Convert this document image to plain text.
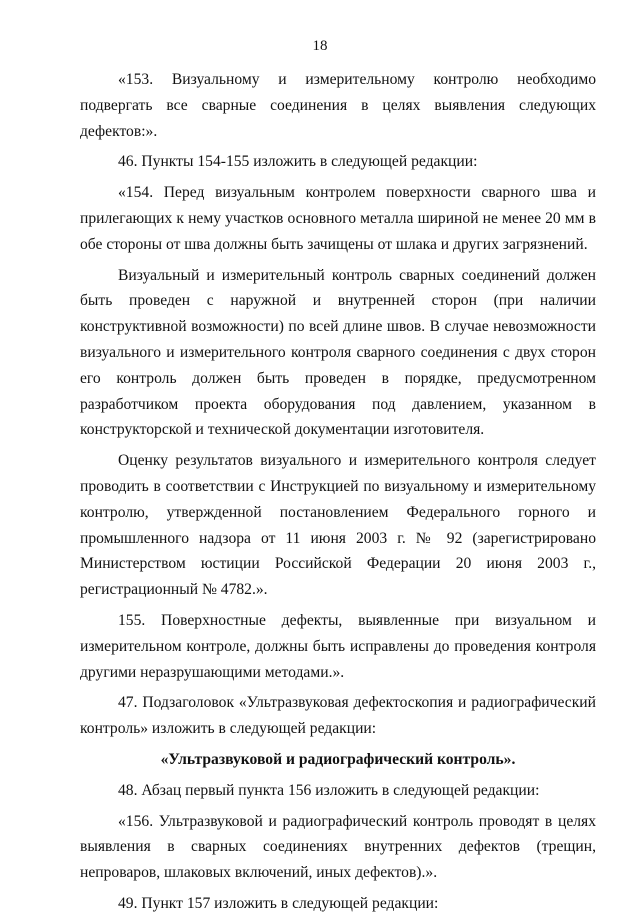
18

«153. Визуальному и измерительному контролю необходимо подвергать все сварные соединения в целях выявления следующих дефектов:».

46. Пункты 154-155 изложить в следующей редакции:

«154. Перед визуальным контролем поверхности сварного шва и прилегающих к нему участков основного металла шириной не менее 20 мм в обе стороны от шва должны быть зачищены от шлака и других загрязнений.

Визуальный и измерительный контроль сварных соединений должен быть проведен с наружной и внутренней сторон (при наличии конструктивной возможности) по всей длине швов. В случае невозможности визуального и измерительного контроля сварного соединения с двух сторон его контроль должен быть проведен в порядке, предусмотренном разработчиком проекта оборудования под давлением, указанном в конструкторской и технической документации изготовителя.

Оценку результатов визуального и измерительного контроля следует проводить в соответствии с Инструкцией по визуальному и измерительному контролю, утвержденной постановлением Федерального горного и промышленного надзора от 11 июня 2003 г. № 92 (зарегистрировано Министерством юстиции Российской Федерации 20 июня 2003 г., регистрационный № 4782.».

155. Поверхностные дефекты, выявленные при визуальном и измерительном контроле, должны быть исправлены до проведения контроля другими неразрушающими методами.».

47. Подзаголовок «Ультразвуковая дефектоскопия и радиографический контроль» изложить в следующей редакции:

«Ультразвуковой и радиографический контроль».

48. Абзац первый пункта 156 изложить в следующей редакции:

«156. Ультразвуковой и радиографический контроль проводят в целях выявления в сварных соединениях внутренних дефектов (трещин, непроваров, шлаковых включений, иных дефектов).».

49. Пункт 157 изложить в следующей редакции:
